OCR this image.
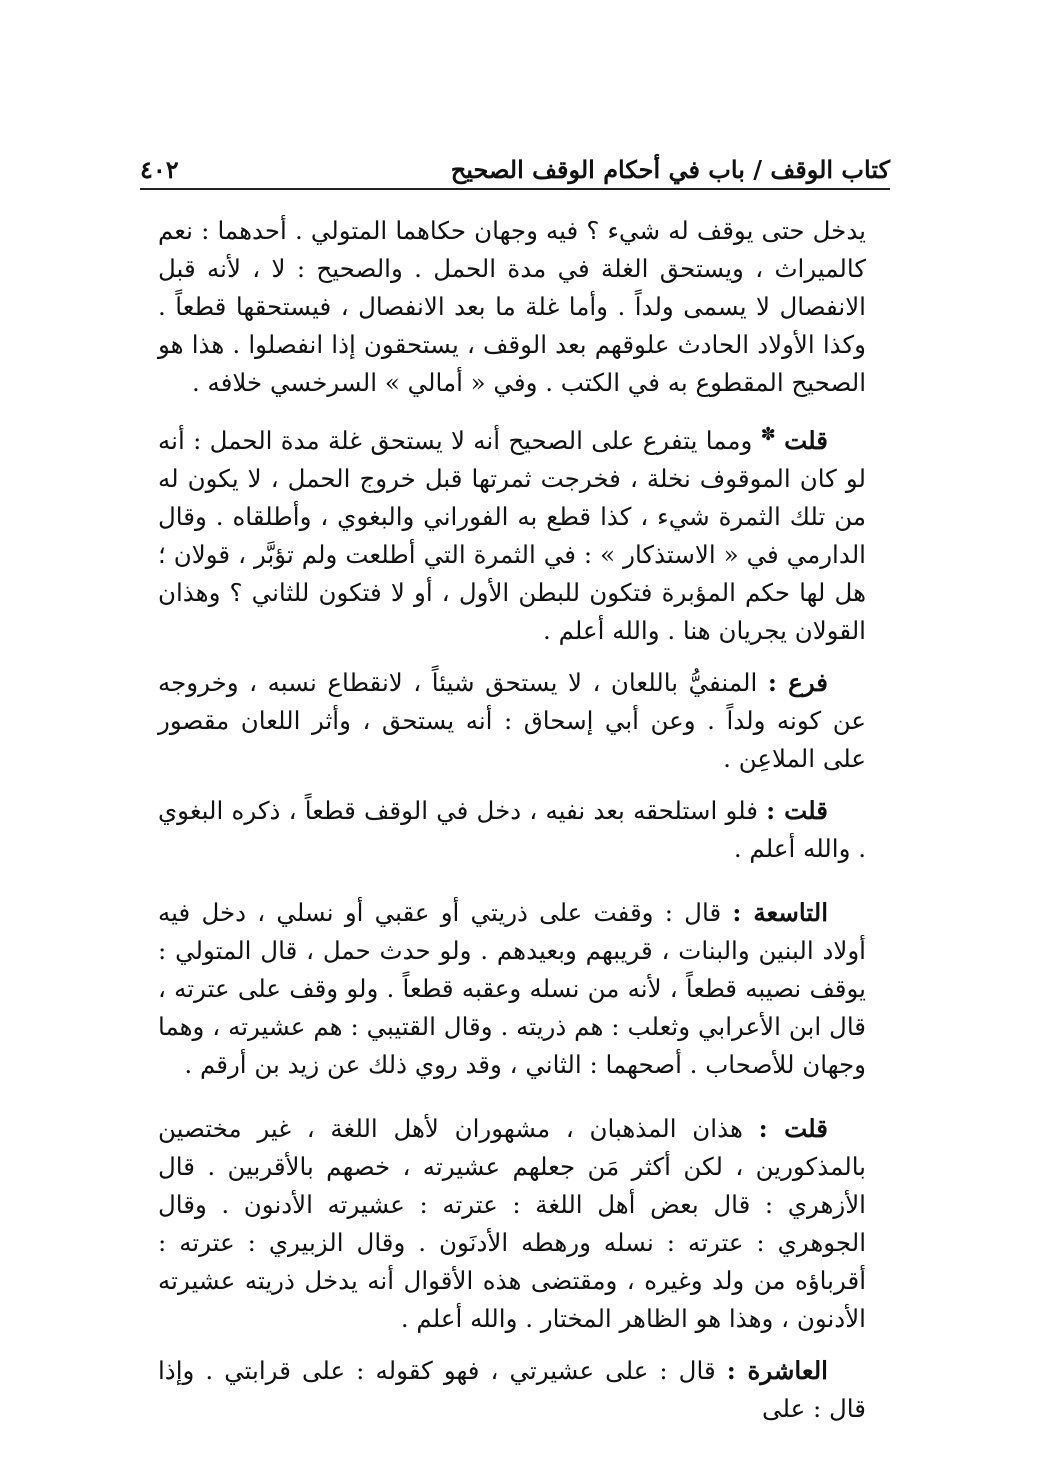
كتاب الوقف / باب في أحكام الوقف الصحيح
٤٠٢

يدخل حتى يوقف له شيء ؟ فيه وجهان حكاهما المتولي . أحدهما : نعم كالميراث ، ويستحق الغلة في مدة الحمل . والصحيح : لا ، لأنه قبل الانفصال لا يسمى ولداً . وأما غلة ما بعد الانفصال ، فيستحقها قطعاً . وكذا الأولاد الحادث علوقهم بعد الوقف ، يستحقون إذا انفصلوا . هذا هو الصحيح المقطوع به في الكتب . وفي « أمالي » السرخسي خلافه .

قلت ✽ ومما يتفرع على الصحيح أنه لا يستحق غلة مدة الحمل : أنه لو كان الموقوف نخلة ، فخرجت ثمرتها قبل خروج الحمل ، لا يكون له من تلك الثمرة شيء ، كذا قطع به الفوراني والبغوي ، وأطلقاه . وقال الدارمي في « الاستذكار » : في الثمرة التي أطلعت ولم تؤبَّر ، قولان ؛ هل لها حكم المؤبرة فتكون للبطن الأول ، أو لا فتكون للثاني ؟ وهذان القولان يجريان هنا . والله أعلم .

فرع : المنفيُّ باللعان ، لا يستحق شيئاً ، لانقطاع نسبه ، وخروجه عن كونه ولداً . وعن أبي إسحاق : أنه يستحق ، وأثر اللعان مقصور على الملاعِن .

قلت : فلو استلحقه بعد نفيه ، دخل في الوقف قطعاً ، ذكره البغوي . والله أعلم .

التاسعة : قال : وقفت على ذريتي أو عقبي أو نسلي ، دخل فيه أولاد البنين والبنات ، قريبهم وبعيدهم . ولو حدث حمل ، قال المتولي : يوقف نصيبه قطعاً ، لأنه من نسله وعقبه قطعاً . ولو وقف على عترته ، قال ابن الأعرابي وثعلب : هم ذريته . وقال القتيبي : هم عشيرته ، وهما وجهان للأصحاب . أصحهما : الثاني ، وقد روي ذلك عن زيد بن أرقم .

قلت : هذان المذهبان ، مشهوران لأهل اللغة ، غير مختصين بالمذكورين ، لكن أكثر مَن جعلهم عشيرته ، خصهم بالأقربين . قال الأزهري : قال بعض أهل اللغة : عترته : عشيرته الأدنون . وقال الجوهري : عترته : نسله ورهطه الأدنَون . وقال الزبيري : عترته : أقرباؤه من ولد وغيره ، ومقتضى هذه الأقوال أنه يدخل ذريته عشيرته الأدنون ، وهذا هو الظاهر المختار . والله أعلم .

العاشرة : قال : على عشيرتي ، فهو كقوله : على قرابتي . وإذا قال : على
